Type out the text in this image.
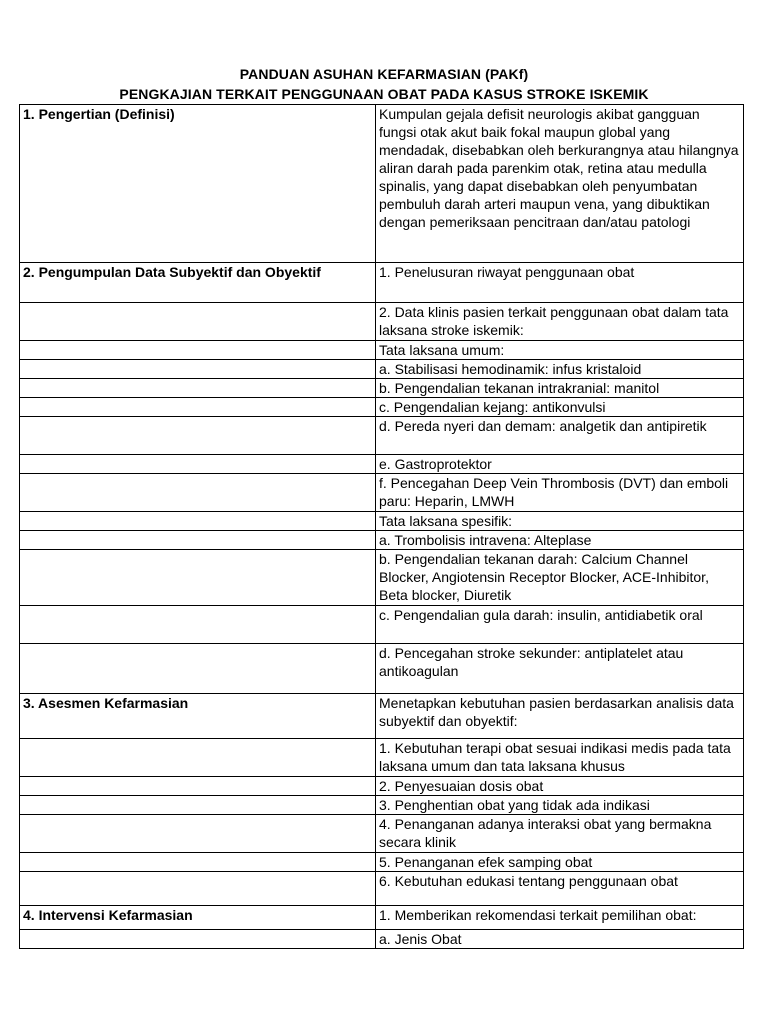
PANDUAN ASUHAN KEFARMASIAN (PAKf)
PENGKAJIAN TERKAIT PENGGUNAAN OBAT PADA KASUS STROKE ISKEMIK
1. Pengertian (Definisi)	Kumpulan gejala defisit neurologis akibat gangguan fungsi otak akut baik fokal maupun global yang mendadak, disebabkan oleh berkurangnya atau hilangnya aliran darah pada parenkim otak, retina atau medulla spinalis, yang dapat disebabkan oleh penyumbatan pembuluh darah arteri maupun vena, yang dibuktikan dengan pemeriksaan pencitraan dan/atau patologi
2. Pengumpulan Data Subyektif dan Obyektif	1. Penelusuran riwayat penggunaan obat
	2. Data klinis pasien terkait penggunaan obat dalam tata laksana stroke iskemik:
	Tata laksana umum:
	a. Stabilisasi hemodinamik: infus kristaloid
	b. Pengendalian tekanan intrakranial: manitol
	c. Pengendalian kejang: antikonvulsi
	d. Pereda nyeri dan demam: analgetik dan antipiretik
	e. Gastroprotektor
	f. Pencegahan Deep Vein Thrombosis (DVT) dan emboli paru: Heparin, LMWH
	Tata laksana spesifik:
	a. Trombolisis intravena: Alteplase
	b. Pengendalian tekanan darah: Calcium Channel Blocker, Angiotensin Receptor Blocker, ACE-Inhibitor, Beta blocker, Diuretik
	c. Pengendalian gula darah: insulin, antidiabetik oral
	d. Pencegahan stroke sekunder: antiplatelet atau antikoagulan
3. Asesmen Kefarmasian	Menetapkan kebutuhan pasien berdasarkan analisis data subyektif dan obyektif:
	1. Kebutuhan terapi obat sesuai indikasi medis pada tata laksana umum dan tata laksana khusus
	2. Penyesuaian dosis obat
	3. Penghentian obat yang tidak ada indikasi
	4. Penanganan adanya interaksi obat yang bermakna secara klinik
	5. Penanganan efek samping obat
	6. Kebutuhan edukasi tentang penggunaan obat
4. Intervensi Kefarmasian	1. Memberikan rekomendasi terkait pemilihan obat:
	a. Jenis Obat
